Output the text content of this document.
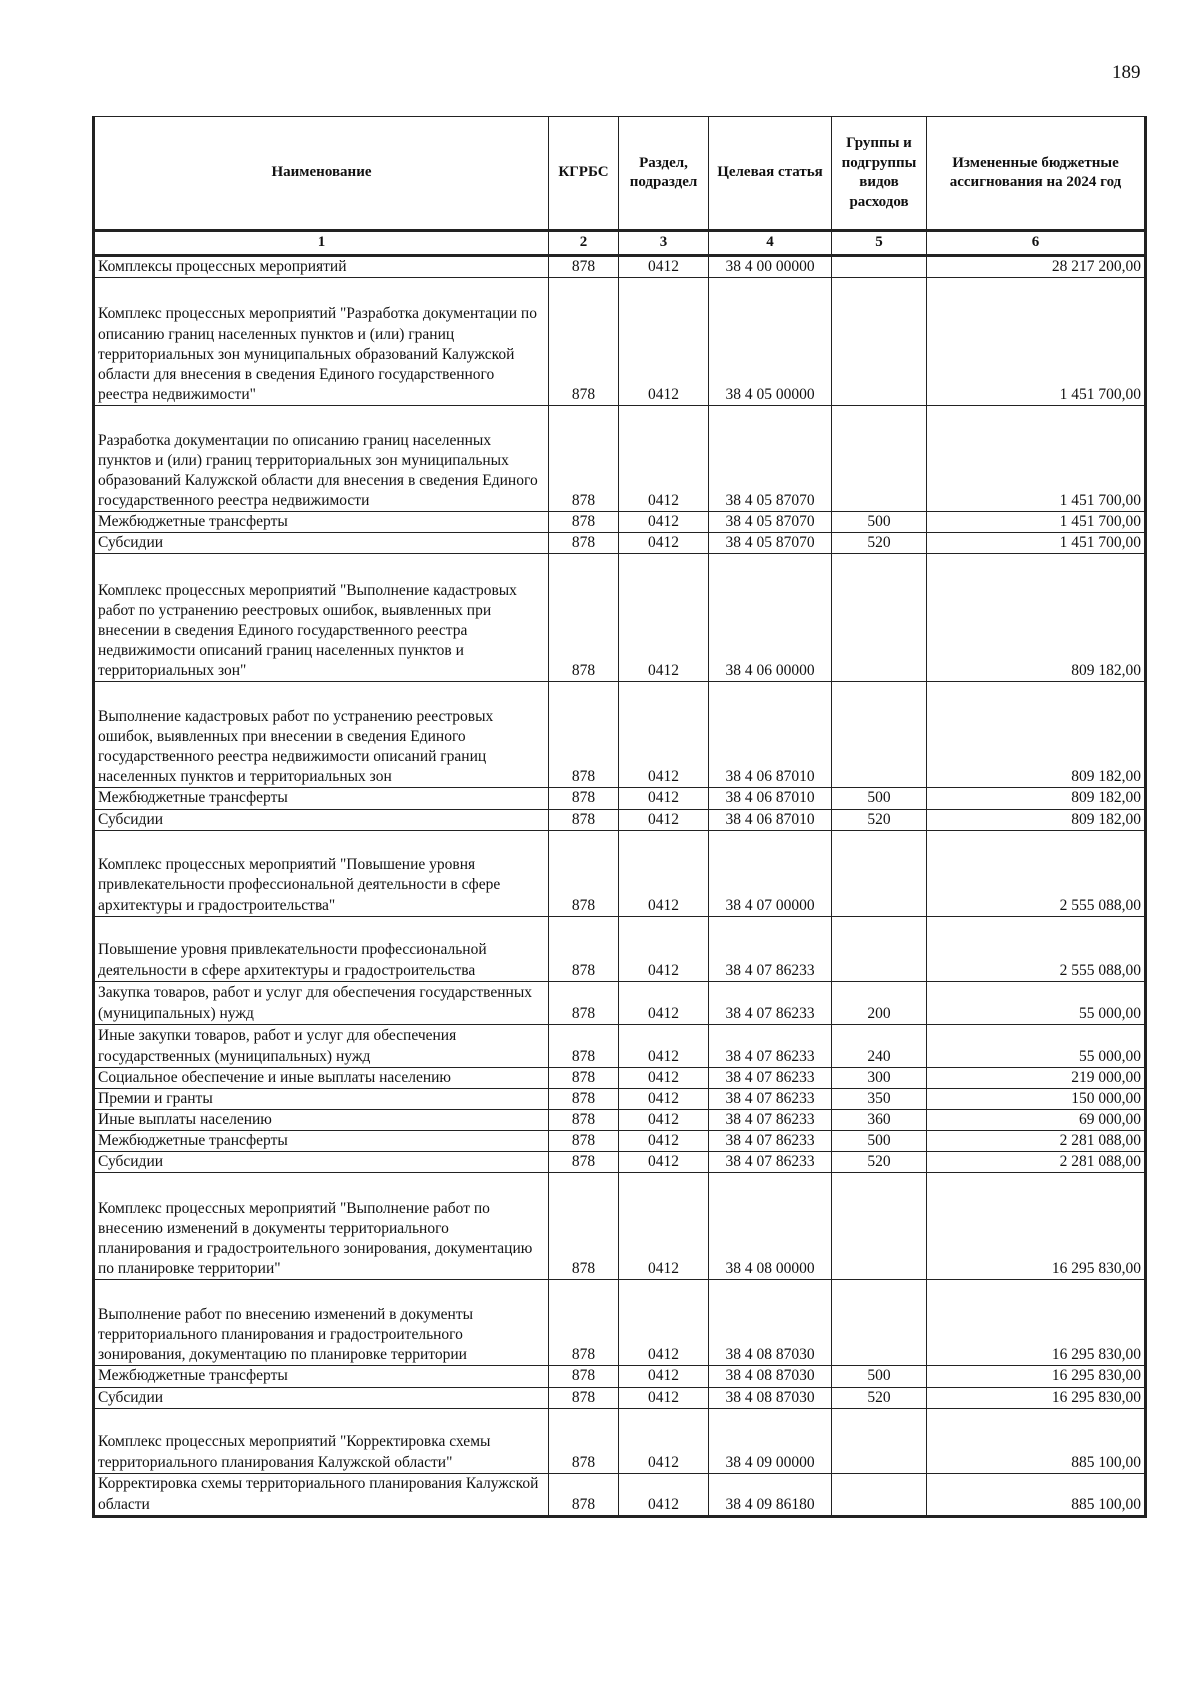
189
Наименование	КГРБС	Раздел, подраздел	Целевая статья	Группы и подгруппы видов расходов	Измененные бюджетные ассигнования на 2024 год
1	2	3	4	5	6
Комплексы процессных мероприятий	878	0412	38 4 00 00000		28 217 200,00
Комплекс процессных мероприятий "Разработка документации по описанию границ населенных пунктов и (или) границ территориальных зон муниципальных образований Калужской области для внесения в сведения Единого государственного реестра недвижимости"	878	0412	38 4 05 00000		1 451 700,00
Разработка документации по описанию границ населенных пунктов и (или) границ территориальных зон муниципальных образований Калужской области для внесения в сведения Единого государственного реестра недвижимости	878	0412	38 4 05 87070		1 451 700,00
Межбюджетные трансферты	878	0412	38 4 05 87070	500	1 451 700,00
Субсидии	878	0412	38 4 05 87070	520	1 451 700,00
Комплекс процессных мероприятий "Выполнение кадастровых работ по устранению реестровых ошибок, выявленных при внесении в сведения Единого государственного реестра недвижимости описаний границ населенных пунктов и территориальных зон"	878	0412	38 4 06 00000		809 182,00
Выполнение кадастровых работ по устранению реестровых ошибок, выявленных при внесении в сведения Единого государственного реестра недвижимости описаний границ населенных пунктов и территориальных зон	878	0412	38 4 06 87010		809 182,00
Межбюджетные трансферты	878	0412	38 4 06 87010	500	809 182,00
Субсидии	878	0412	38 4 06 87010	520	809 182,00
Комплекс процессных мероприятий "Повышение уровня привлекательности профессиональной деятельности в сфере архитектуры и градостроительства"	878	0412	38 4 07 00000		2 555 088,00
Повышение уровня привлекательности профессиональной деятельности в сфере архитектуры и градостроительства	878	0412	38 4 07 86233		2 555 088,00
Закупка товаров, работ и услуг для обеспечения государственных (муниципальных) нужд	878	0412	38 4 07 86233	200	55 000,00
Иные закупки товаров, работ и услуг для обеспечения государственных (муниципальных) нужд	878	0412	38 4 07 86233	240	55 000,00
Социальное обеспечение и иные выплаты населению	878	0412	38 4 07 86233	300	219 000,00
Премии и гранты	878	0412	38 4 07 86233	350	150 000,00
Иные выплаты населению	878	0412	38 4 07 86233	360	69 000,00
Межбюджетные трансферты	878	0412	38 4 07 86233	500	2 281 088,00
Субсидии	878	0412	38 4 07 86233	520	2 281 088,00
Комплекс процессных мероприятий "Выполнение работ по внесению изменений в документы территориального планирования и градостроительного зонирования, документацию по планировке территории"	878	0412	38 4 08 00000		16 295 830,00
Выполнение работ по внесению изменений в документы территориального планирования и градостроительного зонирования, документацию по планировке территории	878	0412	38 4 08 87030		16 295 830,00
Межбюджетные трансферты	878	0412	38 4 08 87030	500	16 295 830,00
Субсидии	878	0412	38 4 08 87030	520	16 295 830,00
Комплекс процессных мероприятий "Корректировка схемы территориального планирования Калужской области"	878	0412	38 4 09 00000		885 100,00
Корректировка схемы территориального планирования Калужской области	878	0412	38 4 09 86180		885 100,00
